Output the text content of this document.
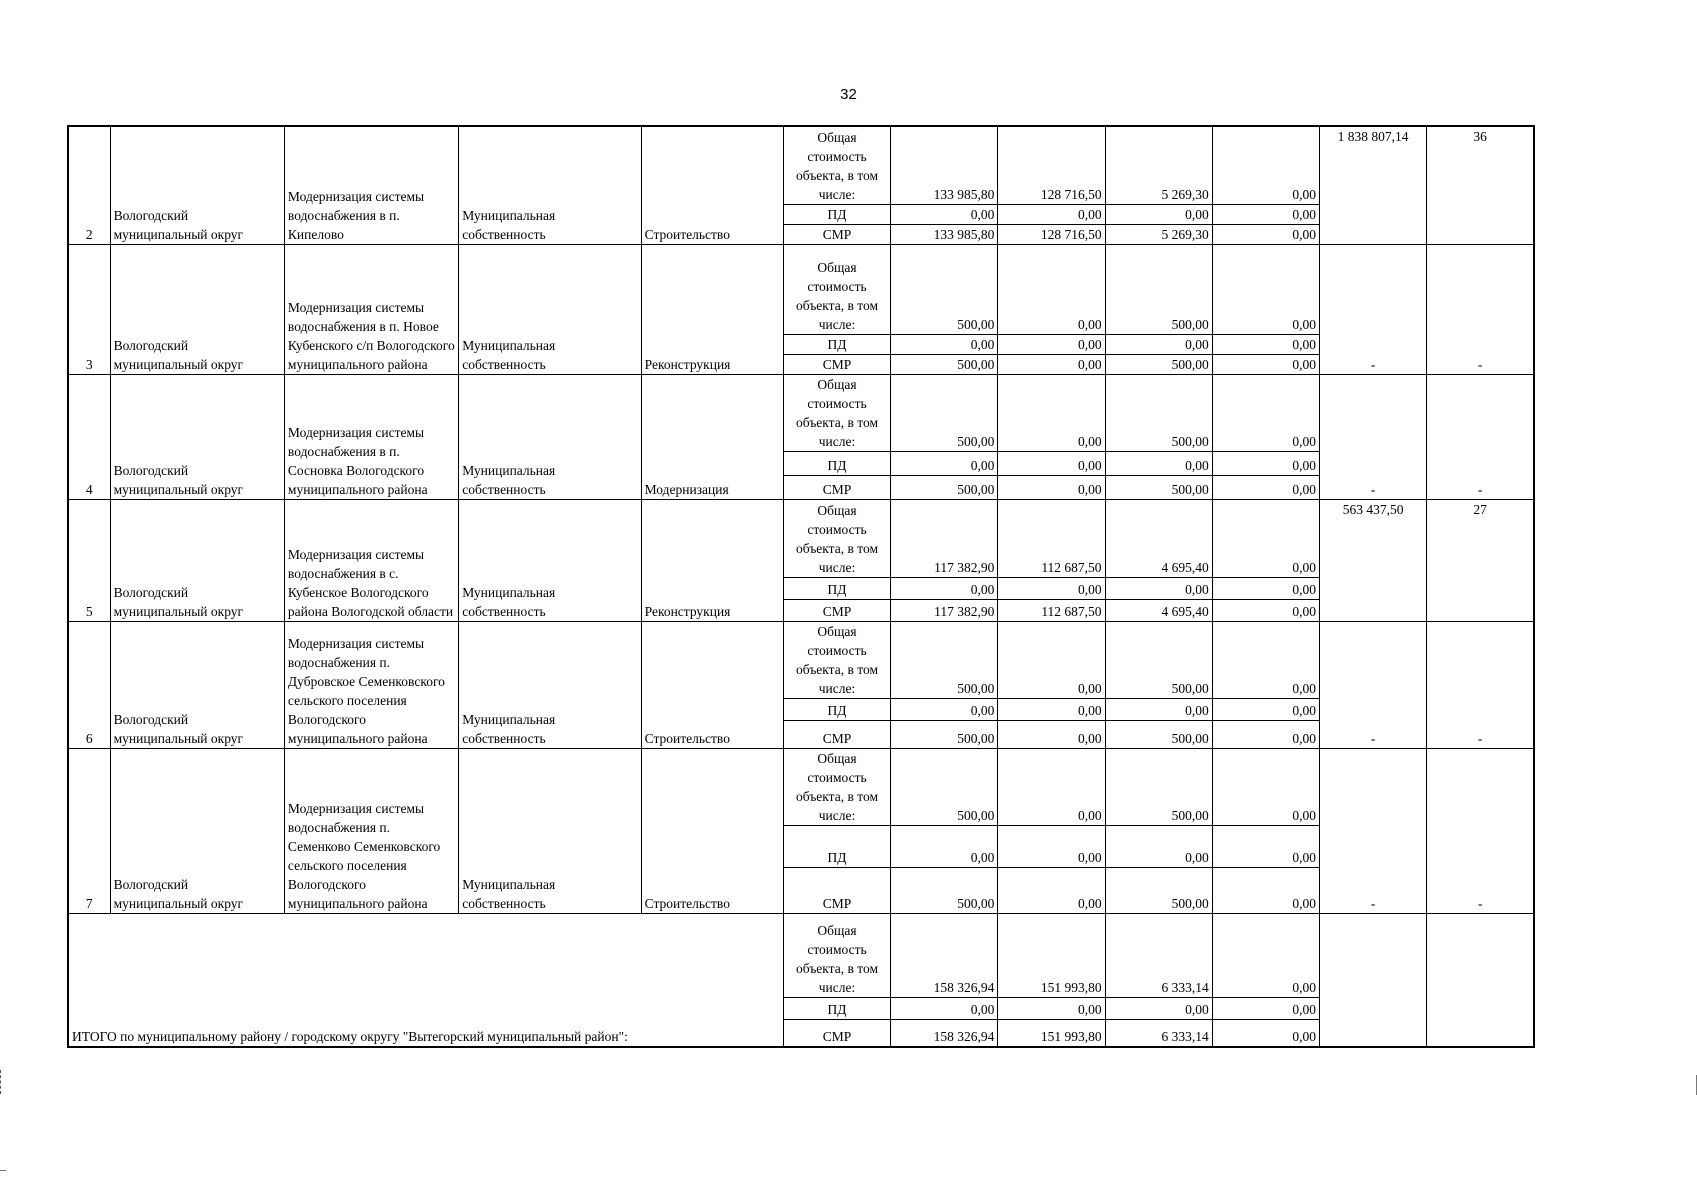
32
2	Вологодский муниципальный округ	Модернизация системы водоснабжения в п. Кипелово	Муниципальная собственность	Строительство	Общая стоимость объекта, в том числе:	133 985,80	128 716,50	5 269,30	0,00	1 838 807,14	36
					ПД	0,00	0,00	0,00	0,00		
					СМР	133 985,80	128 716,50	5 269,30	0,00		
3	Вологодский муниципальный округ	Модернизация системы водоснабжения в п. Новое Кубенского с/п Вологодского муниципального района	Муниципальная собственность	Реконструкция	Общая стоимость объекта, в том числе:	500,00	0,00	500,00	0,00	-	-
					ПД	0,00	0,00	0,00	0,00		
					СМР	500,00	0,00	500,00	0,00		
4	Вологодский муниципальный округ	Модернизация системы водоснабжения в п. Сосновка Вологодского муниципального района	Муниципальная собственность	Модернизация	Общая стоимость объекта, в том числе:	500,00	0,00	500,00	0,00	-	-
					ПД	0,00	0,00	0,00	0,00		
					СМР	500,00	0,00	500,00	0,00		
5	Вологодский муниципальный округ	Модернизация системы водоснабжения в с. Кубенское Вологодского района Вологодской области	Муниципальная собственность	Реконструкция	Общая стоимость объекта, в том числе:	117 382,90	112 687,50	4 695,40	0,00	563 437,50	27
					ПД	0,00	0,00	0,00	0,00		
					СМР	117 382,90	112 687,50	4 695,40	0,00		
6	Вологодский муниципальный округ	Модернизация системы водоснабжения п. Дубровское Семенковского сельского поселения Вологодского муниципального района	Муниципальная собственность	Строительство	Общая стоимость объекта, в том числе:	500,00	0,00	500,00	0,00	-	-
					ПД	0,00	0,00	0,00	0,00		
					СМР	500,00	0,00	500,00	0,00		
7	Вологодский муниципальный округ	Модернизация системы водоснабжения п. Семенково Семенковского сельского поселения Вологодского муниципального района	Муниципальная собственность	Строительство	Общая стоимость объекта, в том числе:	500,00	0,00	500,00	0,00	-	-
					ПД	0,00	0,00	0,00	0,00		
					СМР	500,00	0,00	500,00	0,00		
ИТОГО по муниципальному району / городскому округу "Вытегорский муниципальный район":					Общая стоимость объекта, в том числе:	158 326,94	151 993,80	6 333,14	0,00		
					ПД	0,00	0,00	0,00	0,00		
					СМР	158 326,94	151 993,80	6 333,14	0,00		
